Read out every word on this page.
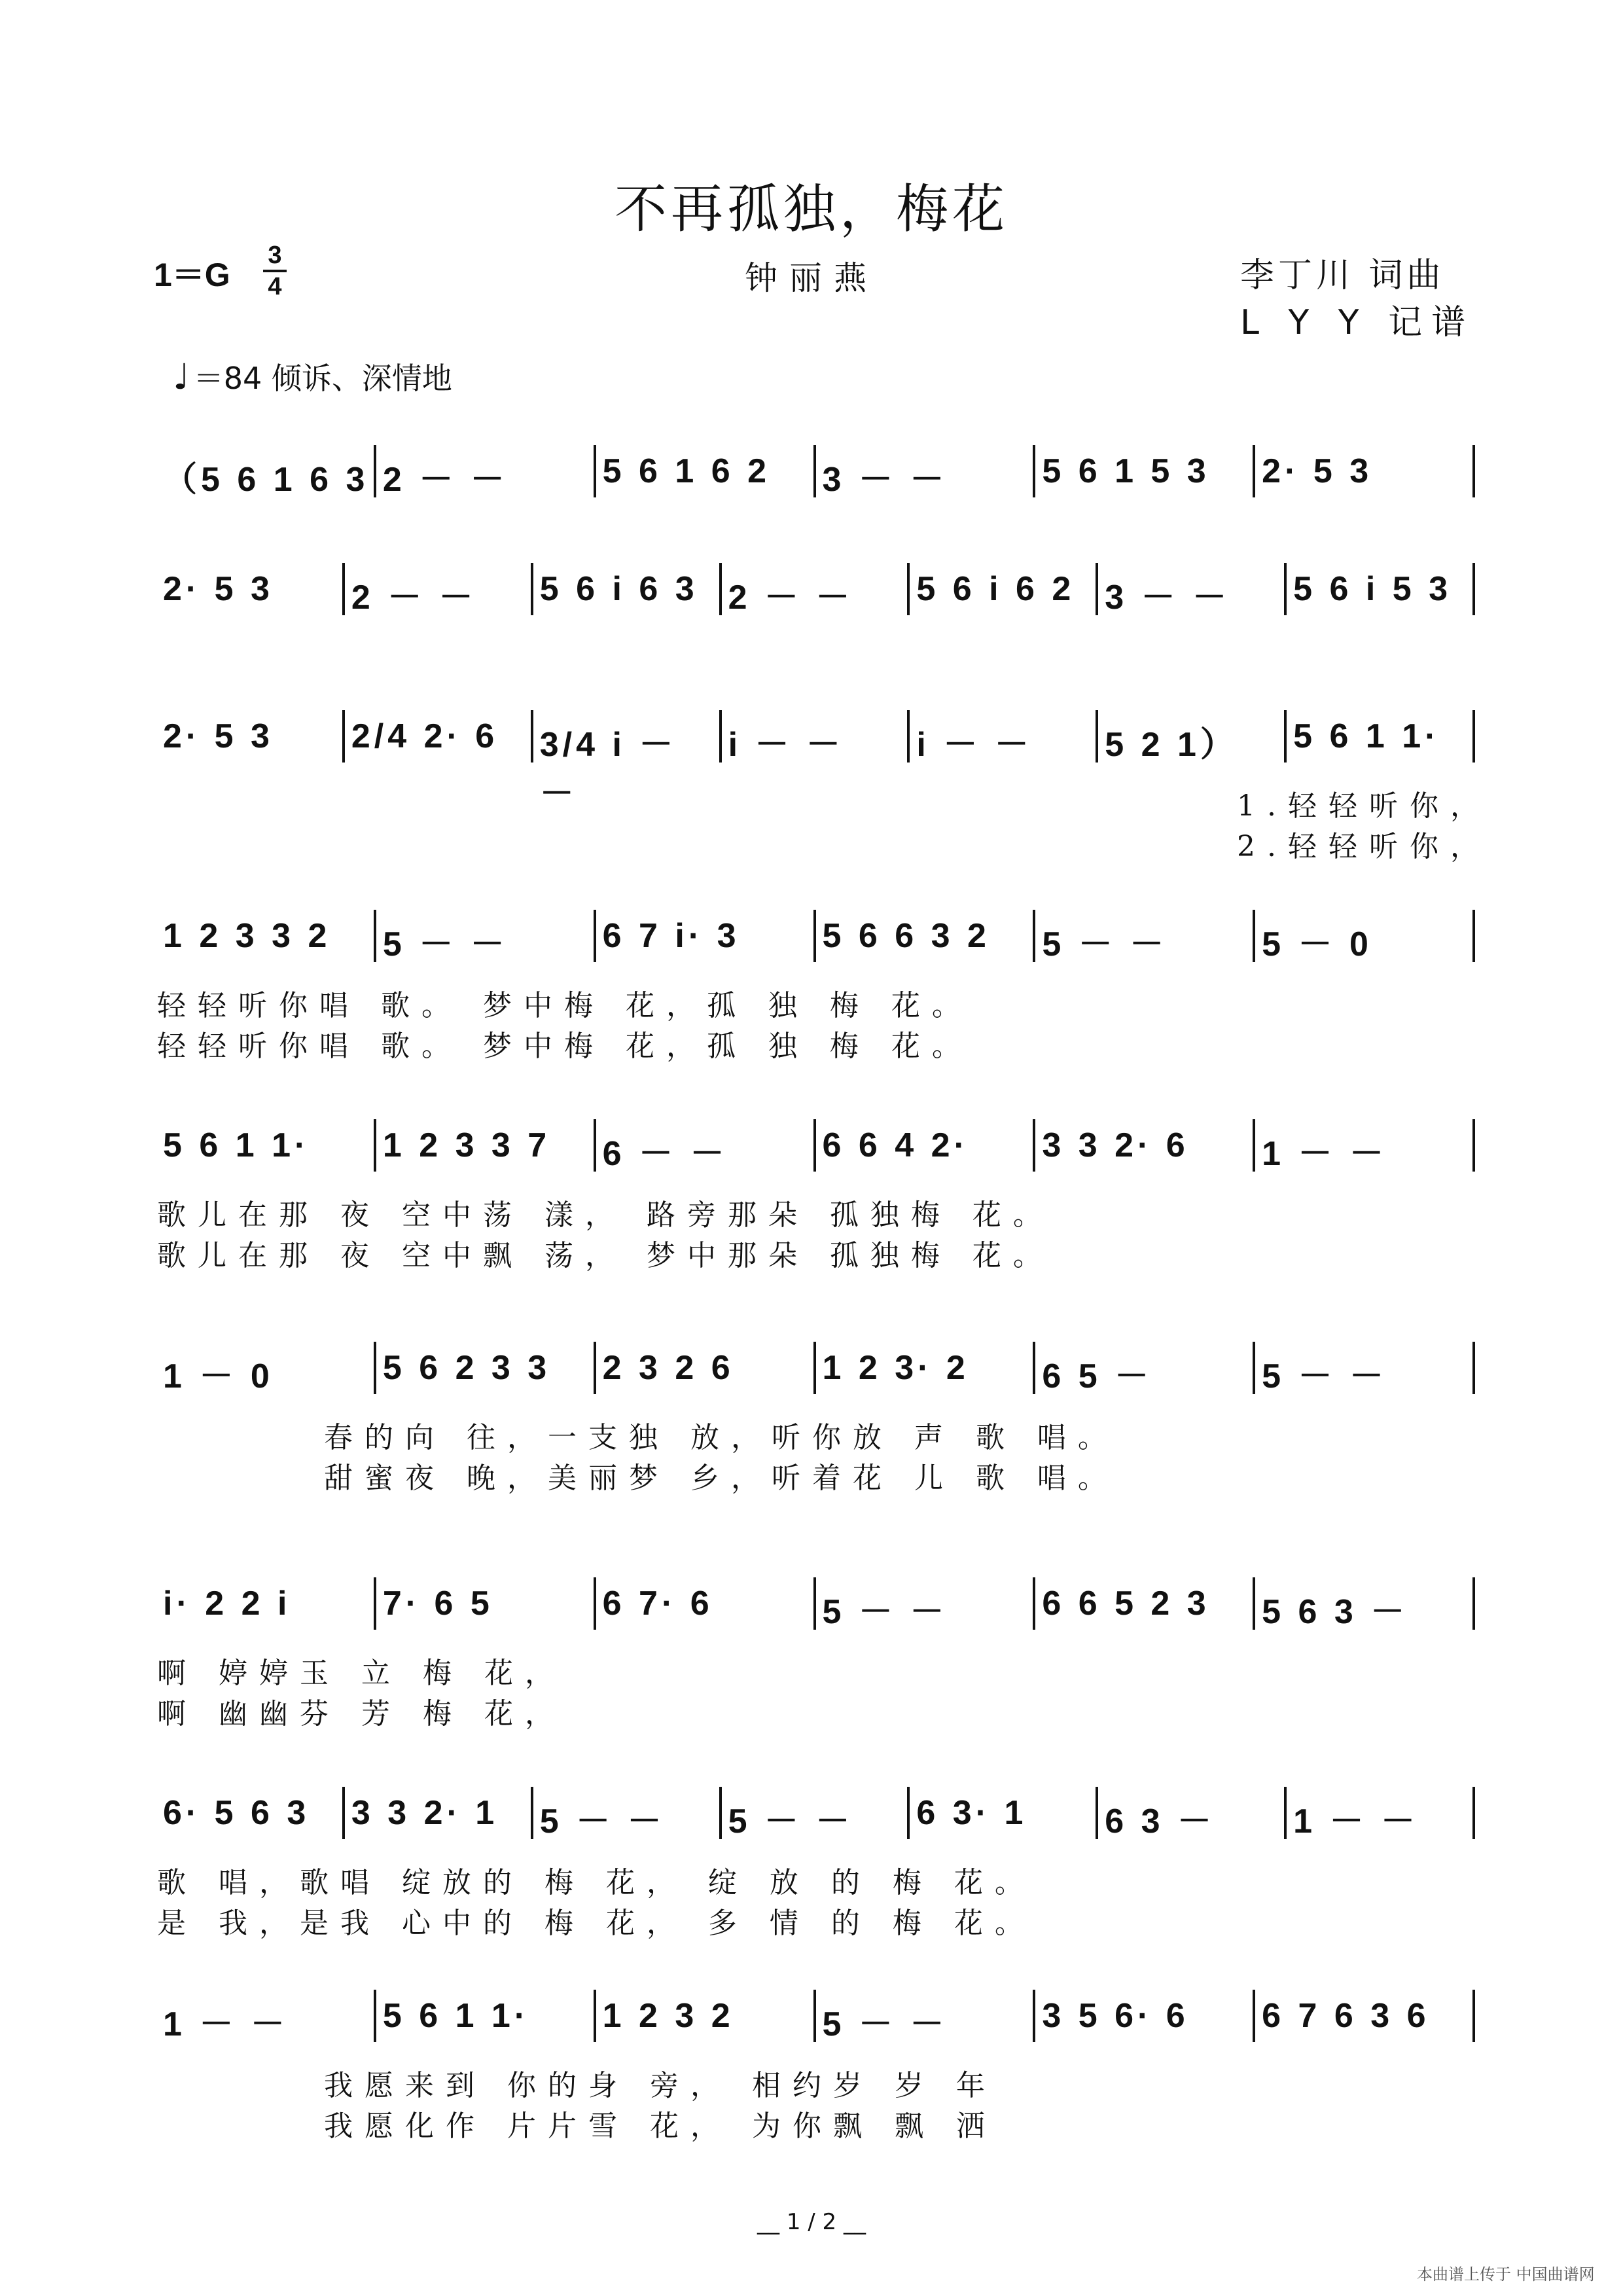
不再孤独，梅花
1＝G
3
4	钟丽燕	李丁川 词曲
L Y Y 记谱

♩ ＝84 倾诉、深情地

（5 6 1 6 3 2 － －	5 6 1 6 2	3 － －	5 6 1 5 3	2· 5 3
2· 5 3	2 － －	5 6 i 6 3 2 － －	5 6 i 6 2 3 － －	5 6 i 5 3
2· 5 3	2/4 2· 6	3/4 i － －
i － －	i － －	5 2 1）	5 6 1 1·
1.轻轻听你，
2.轻轻听你，
1 2 3 3 2	5 － －	6 7 i· 3	5 6 6 3 2	5 － －	5 － 0
轻轻听你唱 歌。 梦中梅 花，孤 独 梅 花。
轻轻听你唱 歌。 梦中梅 花，孤 独 梅 花。
5 6 1 1·	1 2 3 3 7	6 － －	6 6 4 2·	3 3 2· 6	1 － －
歌儿在那 夜 空中荡 漾， 路旁那朵 孤独梅 花。
歌儿在那 夜 空中飘 荡， 梦中那朵 孤独梅 花。
1 － 0	5 6 2 3 3	2 3 2 6	1 2 3· 2	6 5 －	5 － －
春的向 往，一支独 放，听你放 声 歌 唱。
甜蜜夜 晚，美丽梦 乡，听着花 儿 歌 唱。
i· 2 2 i	7· 6 5	6 7· 6	5 － －	6 6 5 2 3	5 6 3 －
啊 婷婷玉 立 梅 花，
啊 幽幽芬 芳 梅 花，
6· 5 6 3	3 3 2· 1	5 － －	5 － －	6 3· 1	6 3 －	1 － －
歌 唱，歌唱 绽放的 梅 花， 绽 放 的 梅 花。
是 我，是我 心中的 梅 花， 多 情 的 梅 花。
1 － －	5 6 1 1·	1 2 3 2	5 － －	3 5 6· 6	6 7 6 3 6
我愿来到 你的身 旁， 相约岁 岁 年
我愿化作 片片雪 花， 为你飘 飘 洒
__ 1 / 2 __
本曲谱上传于 中国曲谱网
